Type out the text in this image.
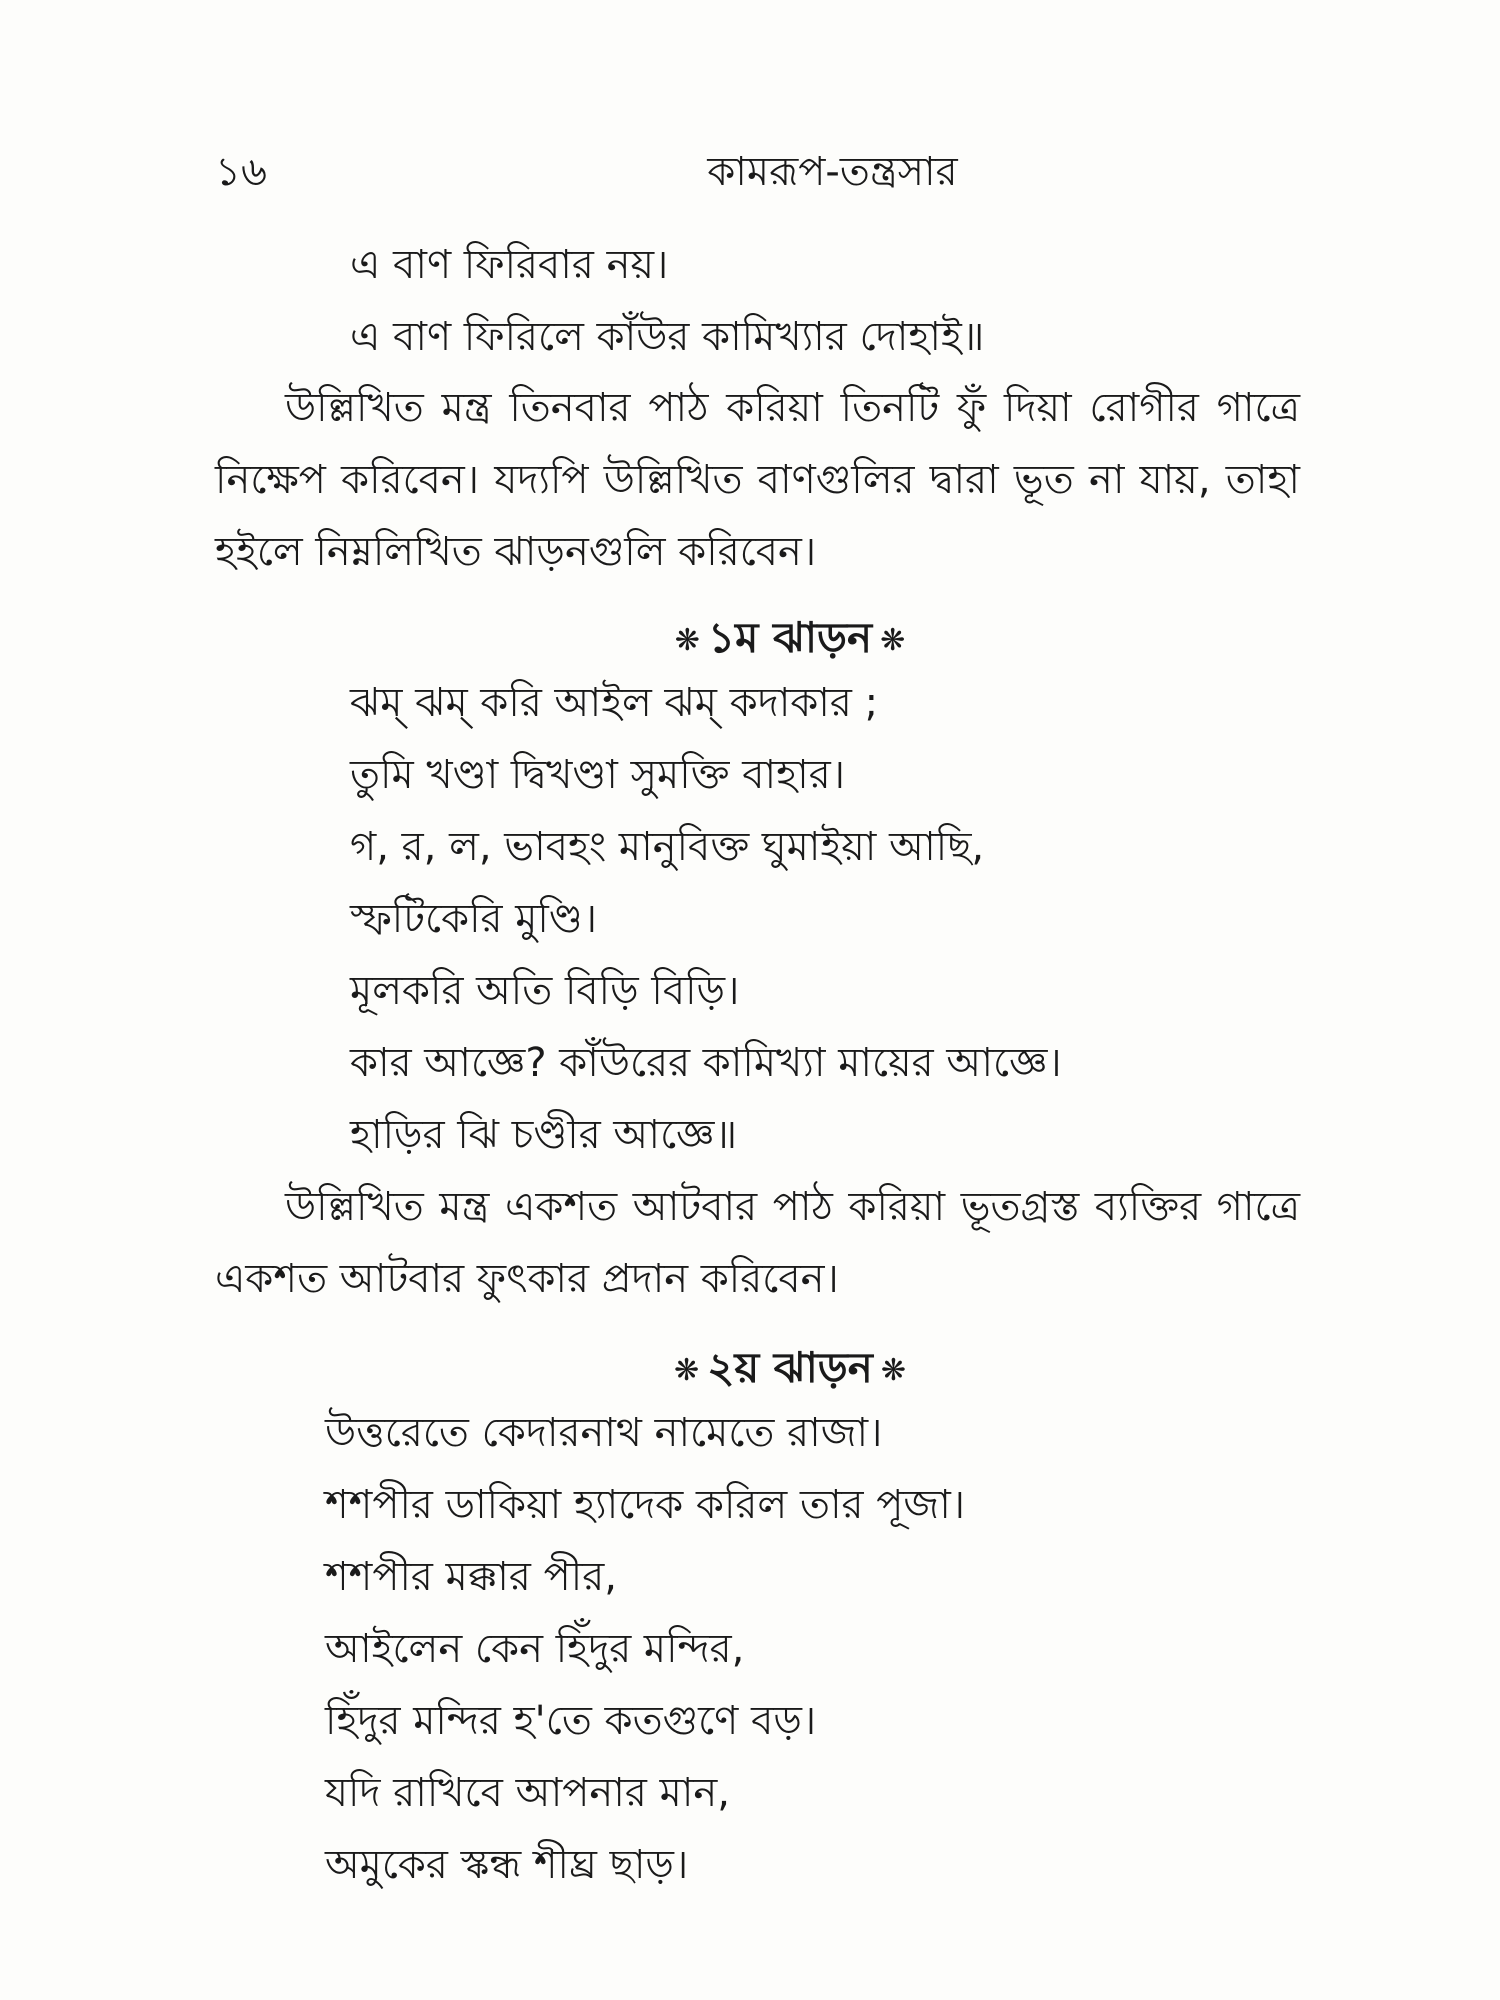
১৬	কামরূপ-তন্ত্রসার
এ বাণ ফিরিবার নয়।
এ বাণ ফিরিলে কাঁউর কামিখ্যার দোহাই॥
উল্লিখিত মন্ত্র তিনবার পাঠ করিয়া তিনটি ফুঁ দিয়া রোগীর গাত্রে
নিক্ষেপ করিবেন। যদ্যপি উল্লিখিত বাণগুলির দ্বারা ভূত না যায়, তাহা
হইলে নিম্নলিখিত ঝাড়নগুলি করিবেন।
❋ ১ম ঝাড়ন ❋
ঝম্ ঝম্ করি আইল ঝম্ কদাকার ;
তুমি খণ্ডা দ্বিখণ্ডা সুমক্তি বাহার।
গ, র, ল, ভাবহং মানুবিক্ত ঘুমাইয়া আছি,
স্ফটিকেরি মুণ্ডি।
মূলকরি অতি বিড়ি বিড়ি।
কার আজ্ঞে? কাঁউরের কামিখ্যা মায়ের আজ্ঞে।
হাড়ির ঝি চণ্ডীর আজ্ঞে॥
উল্লিখিত মন্ত্র একশত আটবার পাঠ করিয়া ভূতগ্রস্ত ব্যক্তির গাত্রে
একশত আটবার ফুৎকার প্রদান করিবেন।
❋ ২য় ঝাড়ন ❋
উত্তরেতে কেদারনাথ নামেতে রাজা।
শশপীর ডাকিয়া হ্যাদেক করিল তার পূজা।
শশপীর মক্কার পীর,
আইলেন কেন হিঁদুর মন্দির,
হিঁদুর মন্দির হ'তে কতগুণে বড়।
যদি রাখিবে আপনার মান,
অমুকের স্কন্ধ শীঘ্র ছাড়।
